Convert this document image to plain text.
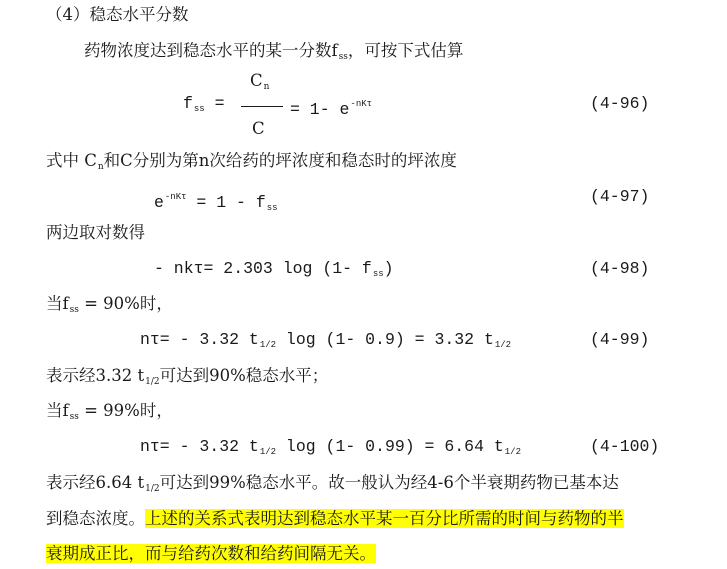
（4）稳态水平分数
药物浓度达到稳态水平的某一分数$f_{ss}$，可按下式估算
$f_{ss}$ =
$C_n$
C
= 1- $e^{-nK\tau}$	(4-96)
式中 $C_n$和C分别为第n次给药的坪浓度和稳态时的坪浓度
$e^{-nK\tau} = 1 - f_{ss}$
(4-97)
两边取对数得
- nkτ= 2.303 log (1- $f_{ss}$)	(4-98)
当$f_{ss} = 90\%$时，
nτ= - 3.32 $t_{1/2}$ log (1- 0.9) = 3.32 $t_{1/2}$	(4-99)
表示经3.32 $t_{1/2}$可达到90%稳态水平；
当$f_{ss} = 99\%$时，
nτ= - 3.32 $t_{1/2}$ log (1- 0.99) = 6.64 $t_{1/2}$	(4-100)
表示经6.64 $t_{1/2}$可达到99%稳态水平。故一般认为经4-6个半衰期药物已基本达
到稳态浓度。上述的关系式表明达到稳态水平某一百分比所需的时间与药物的半
衰期成正比，而与给药次数和给药间隔无关。
